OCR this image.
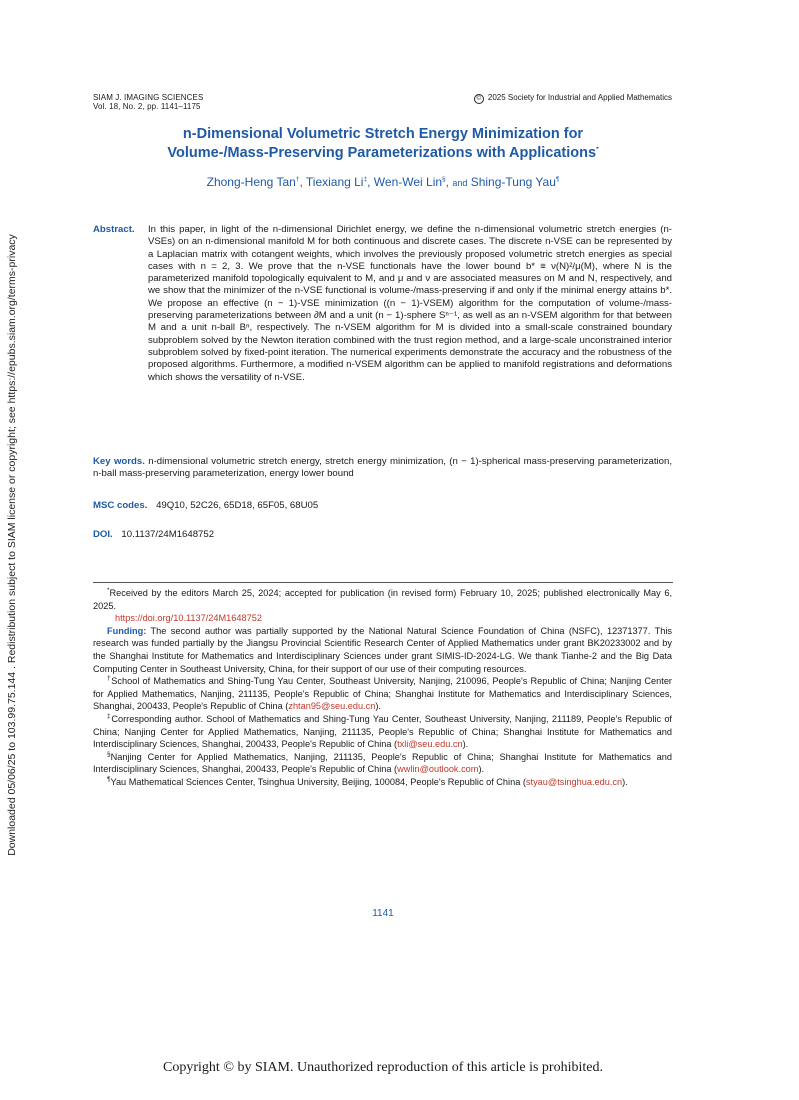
Downloaded 05/06/25 to 103.99.75.144 . Redistribution subject to SIAM license or copyright; see https://epubs.siam.org/terms-privacy
SIAM J. IMAGING SCIENCES
Vol. 18, No. 2, pp. 1141–1175
© 2025 Society for Industrial and Applied Mathematics
n-Dimensional Volumetric Stretch Energy Minimization for
Volume-/Mass-Preserving Parameterizations with Applications*
Zhong-Heng Tan†, Tiexiang Li‡, Wen-Wei Lin§, and Shing-Tung Yau¶
Abstract.	In this paper, in light of the n-dimensional Dirichlet energy, we define the n-dimensional volumetric stretch energies (n-VSEs) on an n-dimensional manifold M for both continuous and discrete cases. The discrete n-VSE can be represented by a Laplacian matrix with cotangent weights, which involves the previously proposed volumetric stretch energies as special cases with n = 2, 3. We prove that the n-VSE functionals have the lower bound b* ≡ ν(N)²/μ(M), where N is the parameterized manifold topologically equivalent to M, and μ and ν are associated measures on M and N, respectively, and we show that the minimizer of the n-VSE functional is volume-/mass-preserving if and only if the minimal energy attains b*. We propose an effective (n − 1)-VSE minimization ((n − 1)-VSEM) algorithm for the computation of volume-/mass-preserving parameterizations between ∂M and a unit (n − 1)-sphere Sⁿ⁻¹, as well as an n-VSEM algorithm for that between M and a unit n-ball Bⁿ, respectively. The n-VSEM algorithm for M is divided into a small-scale constrained boundary subproblem solved by the Newton iteration combined with the trust region method, and a large-scale unconstrained interior subproblem solved by fixed-point iteration. The numerical experiments demonstrate the accuracy and the robustness of the proposed algorithms. Furthermore, a modified n-VSEM algorithm can be applied to manifold registrations and deformations which shows the versatility of n-VSE.
Key words. n-dimensional volumetric stretch energy, stretch energy minimization, (n − 1)-spherical mass-preserving parameterization, n-ball mass-preserving parameterization, energy lower bound
MSC codes. 49Q10, 52C26, 65D18, 65F05, 68U05
DOI. 10.1137/24M1648752

*Received by the editors March 25, 2024; accepted for publication (in revised form) February 10, 2025; published electronically May 6, 2025.

https://doi.org/10.1137/24M1648752

Funding: The second author was partially supported by the National Natural Science Foundation of China (NSFC), 12371377. This research was funded partially by the Jiangsu Provincial Scientific Research Center of Applied Mathematics under grant BK20233002 and by the Shanghai Institute for Mathematics and Interdisciplinary Sciences under grant SIMIS-ID-2024-LG. We thank Tianhe-2 and the Big Data Computing Center in Southeast University, China, for their support of our use of their computing resources.

†School of Mathematics and Shing-Tung Yau Center, Southeast University, Nanjing, 210096, People's Republic of China; Nanjing Center for Applied Mathematics, Nanjing, 211135, People's Republic of China; Shanghai Institute for Mathematics and Interdisciplinary Sciences, Shanghai, 200433, People's Republic of China (zhtan95@seu.edu.cn).

‡Corresponding author. School of Mathematics and Shing-Tung Yau Center, Southeast University, Nanjing, 211189, People's Republic of China; Nanjing Center for Applied Mathematics, Nanjing, 211135, People's Republic of China; Shanghai Institute for Mathematics and Interdisciplinary Sciences, Shanghai, 200433, People's Republic of China (txli@seu.edu.cn).

§Nanjing Center for Applied Mathematics, Nanjing, 211135, People's Republic of China; Shanghai Institute for Mathematics and Interdisciplinary Sciences, Shanghai, 200433, People's Republic of China (wwlin@outlook.com).

¶Yau Mathematical Sciences Center, Tsinghua University, Beijing, 100084, People's Republic of China (styau@tsinghua.edu.cn).

1141
Copyright © by SIAM. Unauthorized reproduction of this article is prohibited.
